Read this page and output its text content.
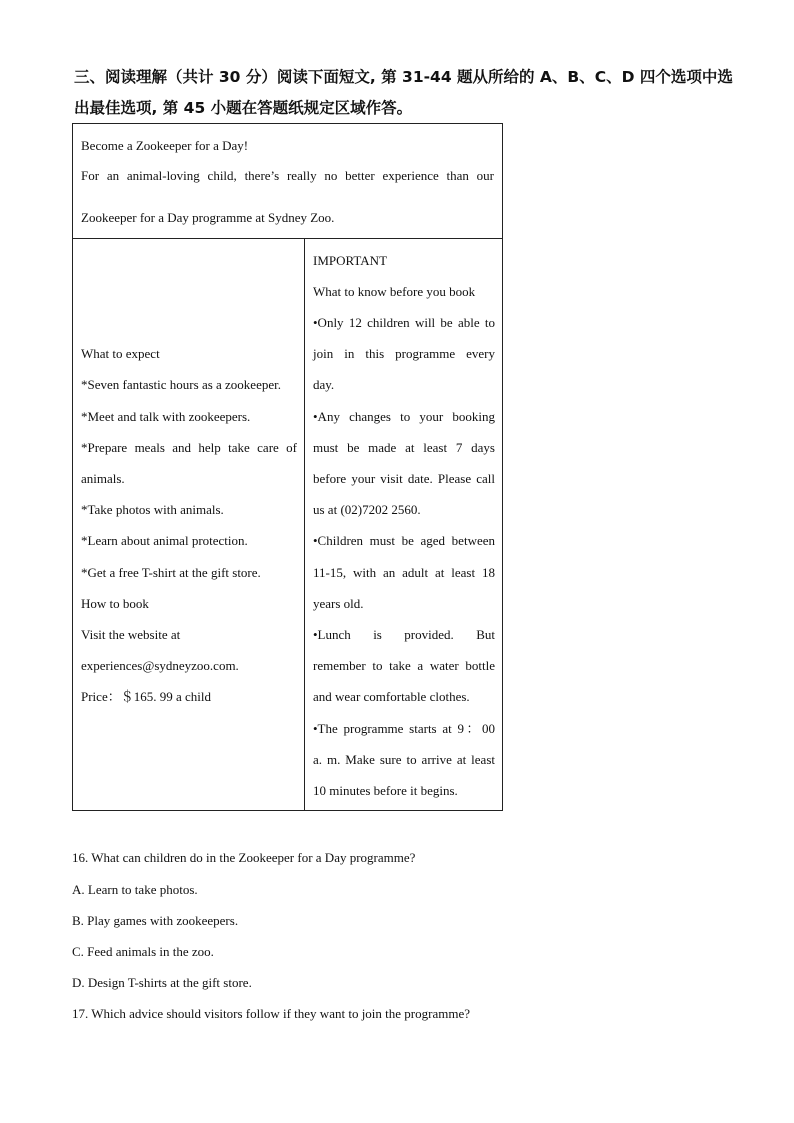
三、阅读理解（共计 30 分）阅读下面短文, 第 31-44 题从所给的 A、B、C、D 四个选项中选
出最佳选项, 第 45 小题在答题纸规定区域作答。
Become a Zookeeper for a Day!
For an animal-loving child, there’s really no better experience than our
Zookeeper for a Day programme at Sydney Zoo.
What to expect
*Seven fantastic hours as a zookeeper.
*Meet and talk with zookeepers.
*Prepare meals and help take care of
animals.
*Take photos with animals.
*Learn about animal protection.
*Get a free T-shirt at the gift store.
How to book
Visit the website at
experiences@sydneyzoo.com.
Price：＄165. 99 a child
IMPORTANT
What to know before you book
•Only 12 children will be able to
join in this programme every
day.
•Any changes to your booking
must be made at least 7 days
before your visit date. Please call
us at (02)7202 2560.
•Children must be aged between
11-15, with an adult at least 18
years old.
•Lunch is provided. But
remember to take a water bottle
and wear comfortable clothes.
•The programme starts at 9：00
a. m. Make sure to arrive at least
10 minutes before it begins.
16. What can children do in the Zookeeper for a Day programme?
A. Learn to take photos.
B. Play games with zookeepers.
C. Feed animals in the zoo.
D. Design T-shirts at the gift store.
17. Which advice should visitors follow if they want to join the programme?
